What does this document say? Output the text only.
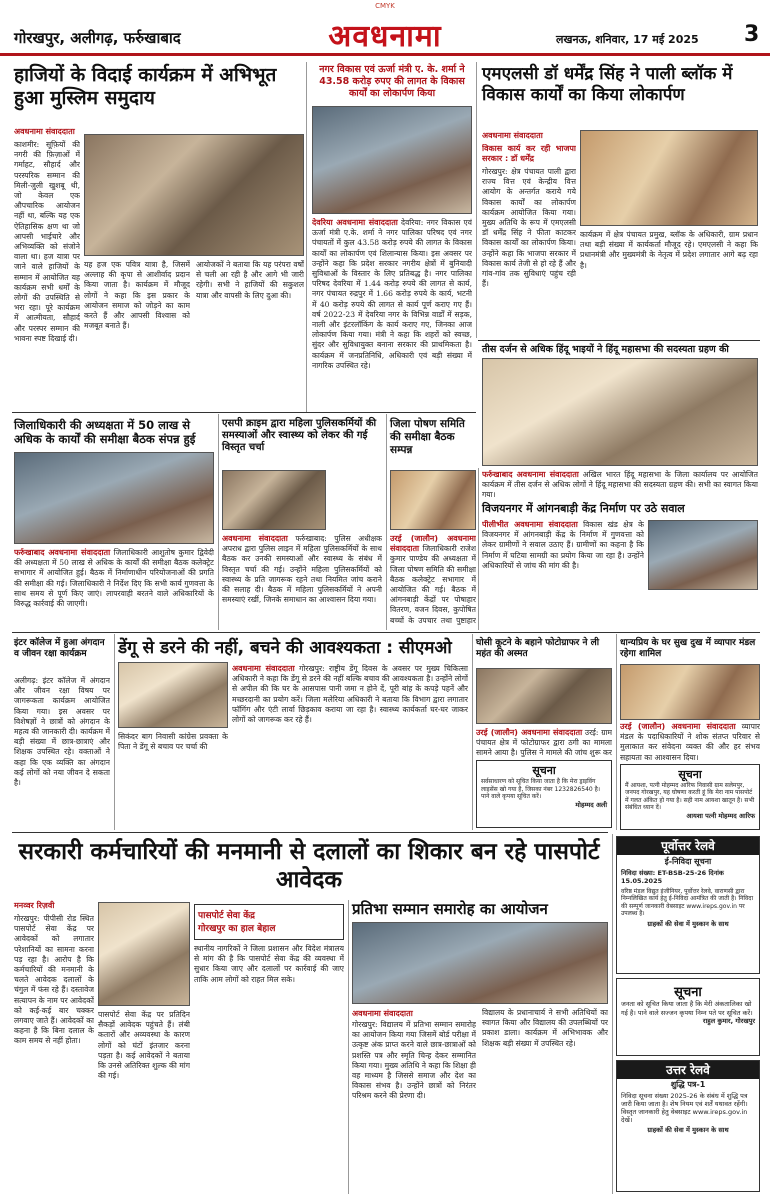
CMYK
गोरखपुर, अलीगढ़, फर्रुखाबाद	अवधनामा	लखनऊ, शनिवार, 17 मई 2025 3
हाजियों के विदाई कार्यक्रम में अभिभूत हुआ मुस्लिम समुदाय
अवधनामा संवाददाता
काशमीर: सूफ़ियों की नगरी की फ़िज़ाओं में गर्माहट, सौहार्द और परस्परिक सम्मान की मिली-जुली खुशबू थी, जो केवल एक औपचारिक आयोजन नहीं था, बल्कि यह एक ऐतिहासिक क्षण था जो आपसी भाईचारे और अभिव्यक्ति को संजोने वाला था। हज यात्रा पर जाने वाले हाजियों के सम्मान में आयोजित यह कार्यक्रम सभी धर्मों के लोगों की उपस्थिति से भरा रहा। पूरे कार्यक्रम में आत्मीयता, सौहार्द और परस्पर सम्मान की भावना स्पष्ट दिखाई दी।
यह हज एक पवित्र यात्रा है, जिसमें अल्लाह की कृपा से आशीर्वाद प्रदान किया जाता है। कार्यक्रम में मौजूद लोगों ने कहा कि इस प्रकार के आयोजन समाज को जोड़ने का काम करते हैं और आपसी विश्वास को मजबूत बनाते हैं।
आयोजकों ने बताया कि यह परंपरा वर्षों से चली आ रही है और आगे भी जारी रहेगी। सभी ने हाजियों की सकुशल यात्रा और वापसी के लिए दुआ की।
नगर विकास एवं ऊर्जा मंत्री ए. के. शर्मा ने 43.58 करोड़ रुपए की लागत के विकास कार्यों का लोकार्पण किया
देवरिया अवधनामा संवाददाता देवरिया: नगर विकास एवं ऊर्जा मंत्री ए.के. शर्मा ने नगर पालिका परिषद एवं नगर पंचायतों में कुल 43.58 करोड़ रुपये की लागत के विकास कार्यों का लोकार्पण एवं शिलान्यास किया। इस अवसर पर उन्होंने कहा कि प्रदेश सरकार नगरीय क्षेत्रों में बुनियादी सुविधाओं के विस्तार के लिए प्रतिबद्ध है। नगर पालिका परिषद देवरिया में 1.44 करोड़ रुपये की लागत से कार्य, नगर पंचायत रुद्रपुर में 1.66 करोड़ रुपये के कार्य, भटनी में 40 करोड़ रुपये की लागत से कार्य पूर्ण कराए गए हैं। वर्ष 2022-23 में देवरिया नगर के विभिन्न वार्डों में सड़क, नाली और इंटरलॉकिंग के कार्य कराए गए, जिनका आज लोकार्पण किया गया। मंत्री ने कहा कि शहरों को स्वच्छ, सुंदर और सुविधायुक्त बनाना सरकार की प्राथमिकता है। कार्यक्रम में जनप्रतिनिधि, अधिकारी एवं बड़ी संख्या में नागरिक उपस्थित रहे।
एमएलसी डॉ धर्मेंद्र सिंह ने पाली ब्लॉक में विकास कार्यों का किया लोकार्पण
अवधनामा संवाददाता
विकास कार्य कर रही भाजपा सरकार : डॉ धर्मेंद्र
गोरखपुर: क्षेत्र पंचायत पाली द्वारा राज्य वित्त एवं केन्द्रीय वित्त आयोग के अन्तर्गत कराये गये विकास कार्यों का लोकार्पण कार्यक्रम आयोजित किया गया। मुख्य अतिथि के रूप में एमएलसी डॉ धर्मेंद्र सिंह ने फीता काटकर विकास कार्यों का लोकार्पण किया। उन्होंने कहा कि भाजपा सरकार में विकास कार्य तेजी से हो रहे हैं और गांव-गांव तक सुविधाएं पहुंच रही हैं।
कार्यक्रम में क्षेत्र पंचायत प्रमुख, ब्लॉक के अधिकारी, ग्राम प्रधान तथा बड़ी संख्या में कार्यकर्ता मौजूद रहे। एमएलसी ने कहा कि प्रधानमंत्री और मुख्यमंत्री के नेतृत्व में प्रदेश लगातार आगे बढ़ रहा है।
तीस दर्जन से अधिक हिंदू भाइयों ने हिंदू महासभा की सदस्यता ग्रहण की
जिलाधिकारी की अध्यक्षता में 50 लाख से अधिक के कार्यों की समीक्षा बैठक संपन्न हुई
फर्रुखाबाद अवधनामा संवाददाता जिलाधिकारी आशुतोष कुमार द्विवेदी की अध्यक्षता में 50 लाख से अधिक के कार्यों की समीक्षा बैठक कलेक्ट्रेट सभागार में आयोजित हुई। बैठक में निर्माणाधीन परियोजनाओं की प्रगति की समीक्षा की गई। जिलाधिकारी ने निर्देश दिए कि सभी कार्य गुणवत्ता के साथ समय से पूर्ण किए जाएं। लापरवाही बरतने वाले अधिकारियों के विरुद्ध कार्रवाई की जाएगी।
एसपी क्राइम द्वारा महिला पुलिसकर्मियों की समस्याओं और स्वास्थ्य को लेकर की गई विस्तृत चर्चा
अवधनामा संवाददाता फर्रुखाबाद: पुलिस अधीक्षक अपराध द्वारा पुलिस लाइन में महिला पुलिसकर्मियों के साथ बैठक कर उनकी समस्याओं और स्वास्थ्य के संबंध में विस्तृत चर्चा की गई। उन्होंने महिला पुलिसकर्मियों को स्वास्थ्य के प्रति जागरूक रहने तथा नियमित जांच कराने की सलाह दी। बैठक में महिला पुलिसकर्मियों ने अपनी समस्याएं रखीं, जिनके समाधान का आश्वासन दिया गया।
जिला पोषण समिति की समीक्षा बैठक सम्पन्न
उरई (जालौन) अवधनामा संवाददाता जिलाधिकारी राजेश कुमार पाण्डेय की अध्यक्षता में जिला पोषण समिति की समीक्षा बैठक कलेक्ट्रेट सभागार में आयोजित की गई। बैठक में आंगनबाड़ी केंद्रों पर पोषाहार वितरण, वजन दिवस, कुपोषित बच्चों के उपचार तथा पुष्टाहार
फर्रुखाबाद अवधनामा संवाददाता अखिल भारत हिंदू महासभा के जिला कार्यालय पर आयोजित कार्यक्रम में तीस दर्जन से अधिक लोगों ने हिंदू महासभा की सदस्यता ग्रहण की। सभी का स्वागत किया गया।
विजयनगर में आंगनबाड़ी केंद्र निर्माण पर उठे सवाल
पीलीभीत अवधनामा संवाददाता विकास खंड क्षेत्र के विजयनगर में आंगनबाड़ी केंद्र के निर्माण में गुणवत्ता को लेकर ग्रामीणों ने सवाल उठाए हैं। ग्रामीणों का कहना है कि निर्माण में घटिया सामग्री का प्रयोग किया जा रहा है। उन्होंने अधिकारियों से जांच की मांग की है।
इंटर कॉलेज में हुआ अंगदान व जीवन रक्षा कार्यक्रम
अलीगढ़: इंटर कॉलेज में अंगदान और जीवन रक्षा विषय पर जागरूकता कार्यक्रम आयोजित किया गया। इस अवसर पर विशेषज्ञों ने छात्रों को अंगदान के महत्व की जानकारी दी। कार्यक्रम में बड़ी संख्या में छात्र-छात्राएं और शिक्षक उपस्थित रहे। वक्ताओं ने कहा कि एक व्यक्ति का अंगदान कई लोगों को नया जीवन दे सकता है।
डेंगू से डरने की नहीं, बचने की आवश्यकता : सीएमओ
अवधनामा संवाददाता गोरखपुर: राष्ट्रीय डेंगू दिवस के अवसर पर मुख्य चिकित्सा अधिकारी ने कहा कि डेंगू से डरने की नहीं बल्कि बचाव की आवश्यकता है। उन्होंने लोगों से अपील की कि घर के आसपास पानी जमा न होने दें, पूरी बांह के कपड़े पहनें और मच्छरदानी का प्रयोग करें। जिला मलेरिया अधिकारी ने बताया कि विभाग द्वारा लगातार फॉगिंग और एंटी लार्वा छिड़काव कराया जा रहा है। स्वास्थ्य कार्यकर्ता घर-घर जाकर लोगों को जागरूक कर रहे हैं।
सिकंदर बाग निवासी कांग्रेस प्रवक्ता के पिता ने डेंगू से बचाव पर चर्चा की
घोसी कूटने के बहाने फोटोग्राफर ने ली महंत की अस्मत
उरई (जालौन) अवधनामा संवाददाता उरई: ग्राम पंचायत क्षेत्र में फोटोग्राफर द्वारा ठगी का मामला सामने आया है। पुलिस ने मामले की जांच शुरू कर
सूचना
सर्वसाधारण को सूचित किया जाता है कि मेरा ड्राइविंग लाइसेंस खो गया है, जिसका नंबर 1232826540 है। पाने वाले कृपया सूचित करें।
मोहम्मद अली
धान्यप्रिय के घर सुख दुख में व्यापार मंडल रहेगा शामिल
उरई (जालौन) अवधनामा संवाददाता व्यापार मंडल के पदाधिकारियों ने शोक संतप्त परिवार से मुलाकात कर संवेदना व्यक्त की और हर संभव सहायता का आश्वासन दिया।
सूचना
मैं आयशा, पत्नी मोहम्मद आरिफ निवासी ग्राम सलेमपुर, जनपद गोरखपुर, यह घोषणा करती हूं कि मेरा नाम पासपोर्ट में गलत अंकित हो गया है। सही नाम आयशा खातून है। सभी संबंधित ध्यान दें।
आयशा पत्नी मोहम्मद आरिफ
सरकारी कर्मचारियों की मनमानी से दलालों का शिकार बन रहे पासपोर्ट आवेदक
मनव्वर रिज़वी
पासपोर्ट सेवा केंद्र
गोरखपुर का हाल बेहाल
गोरखपुर: पीपीसी रोड स्थित पासपोर्ट सेवा केंद्र पर आवेदकों को लगातार परेशानियों का सामना करना पड़ रहा है। आरोप है कि कर्मचारियों की मनमानी के चलते आवेदक दलालों के चंगुल में फंस रहे हैं। दस्तावेज सत्यापन के नाम पर आवेदकों को कई-कई बार चक्कर लगवाए जाते हैं। आवेदकों का कहना है कि बिना दलाल के काम समय से नहीं होता।
पासपोर्ट सेवा केंद्र पर प्रतिदिन सैकड़ों आवेदक पहुंचते हैं। लंबी कतारों और अव्यवस्था के कारण लोगों को घंटों इंतजार करना पड़ता है। कई आवेदकों ने बताया कि उनसे अतिरिक्त शुल्क की मांग की गई।
स्थानीय नागरिकों ने जिला प्रशासन और विदेश मंत्रालय से मांग की है कि पासपोर्ट सेवा केंद्र की व्यवस्था में सुधार किया जाए और दलालों पर कार्रवाई की जाए ताकि आम लोगों को राहत मिल सके।
प्रतिभा सम्मान समारोह का आयोजन
अवधनामा संवाददाता
गोरखपुर: विद्यालय में प्रतिभा सम्मान समारोह का आयोजन किया गया जिसमें बोर्ड परीक्षा में उत्कृष्ट अंक प्राप्त करने वाले छात्र-छात्राओं को प्रशस्ति पत्र और स्मृति चिन्ह देकर सम्मानित किया गया। मुख्य अतिथि ने कहा कि शिक्षा ही वह माध्यम है जिससे समाज और देश का विकास संभव है। उन्होंने छात्रों को निरंतर परिश्रम करने की प्रेरणा दी।
विद्यालय के प्रधानाचार्य ने सभी अतिथियों का स्वागत किया और विद्यालय की उपलब्धियों पर प्रकाश डाला। कार्यक्रम में अभिभावक और शिक्षक बड़ी संख्या में उपस्थित रहे।
पूर्वोत्तर रेलवे
ई-निविदा सूचना
निविदा संख्या: ET-BSB-25-26 दिनांक 15.05.2025
वरिष्ठ मंडल विद्युत इंजीनियर, पूर्वोत्तर रेलवे, वाराणसी द्वारा निम्नलिखित कार्य हेतु ई-निविदा आमंत्रित की जाती है। निविदा की सम्पूर्ण जानकारी वेबसाइट www.ireps.gov.in पर उपलब्ध है।
ग्राहकों की सेवा में मुस्कान के साथ
सूचना
जनता को सूचित किया जाता है कि मेरी अंकतालिका खो गई है। पाने वाले सज्जन कृपया निम्न पते पर सूचित करें।
राहुल कुमार, गोरखपुर
उत्तर रेलवे
शुद्धि पत्र-1
निविदा सूचना संख्या 2025-26 के संबंध में शुद्धि पत्र जारी किया जाता है। शेष नियम एवं शर्तें यथावत रहेंगी। विस्तृत जानकारी हेतु वेबसाइट www.ireps.gov.in देखें।
ग्राहकों की सेवा में मुस्कान के साथ
